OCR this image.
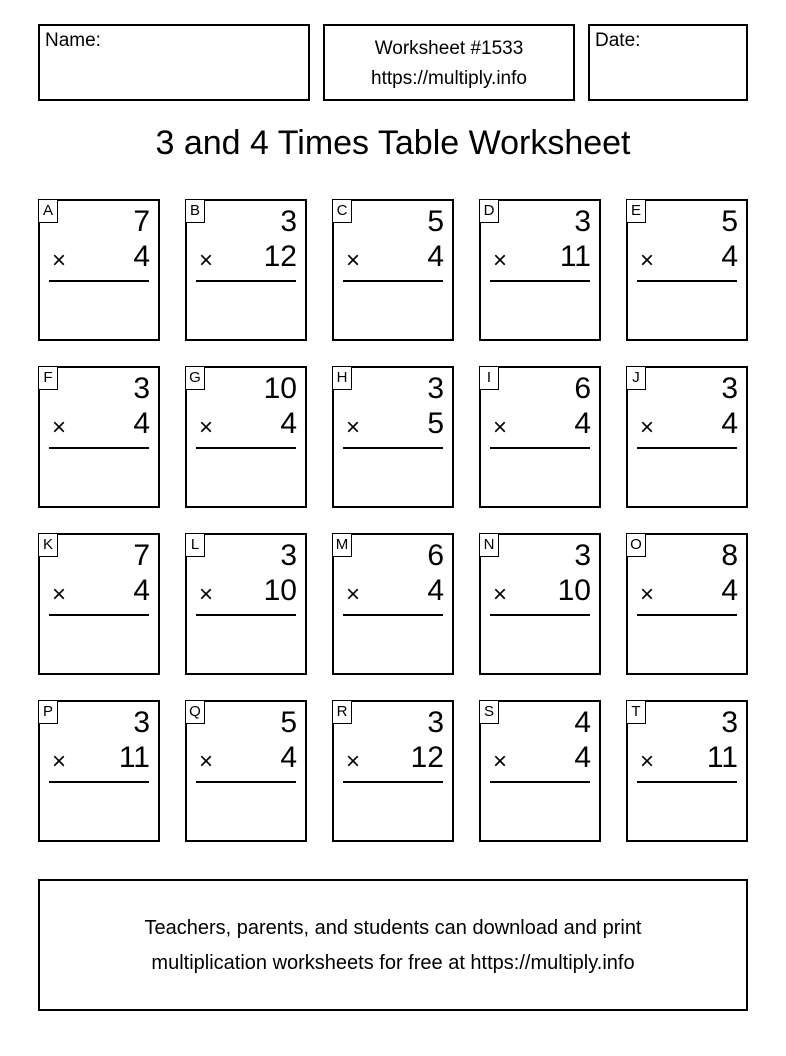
Name:	Worksheet #1533
https://multiply.info
Date:
3 and 4 Times Table Worksheet
A	7
× 4
B	3
× 12
C	5
× 4
D	3
× 11
E	5
× 4
F	3
× 4
G 10
× 4
H	3
× 5
I	6
× 4
J	3
× 4
K	7
× 4
L	3
× 10
M	6
× 4
N	3
× 10
O	8
× 4
P	3
× 11
Q	5
× 4
R	3
× 12
S	4
× 4
T	3
× 11
Teachers, parents, and students can download and print
multiplication worksheets for free at https://multiply.info
